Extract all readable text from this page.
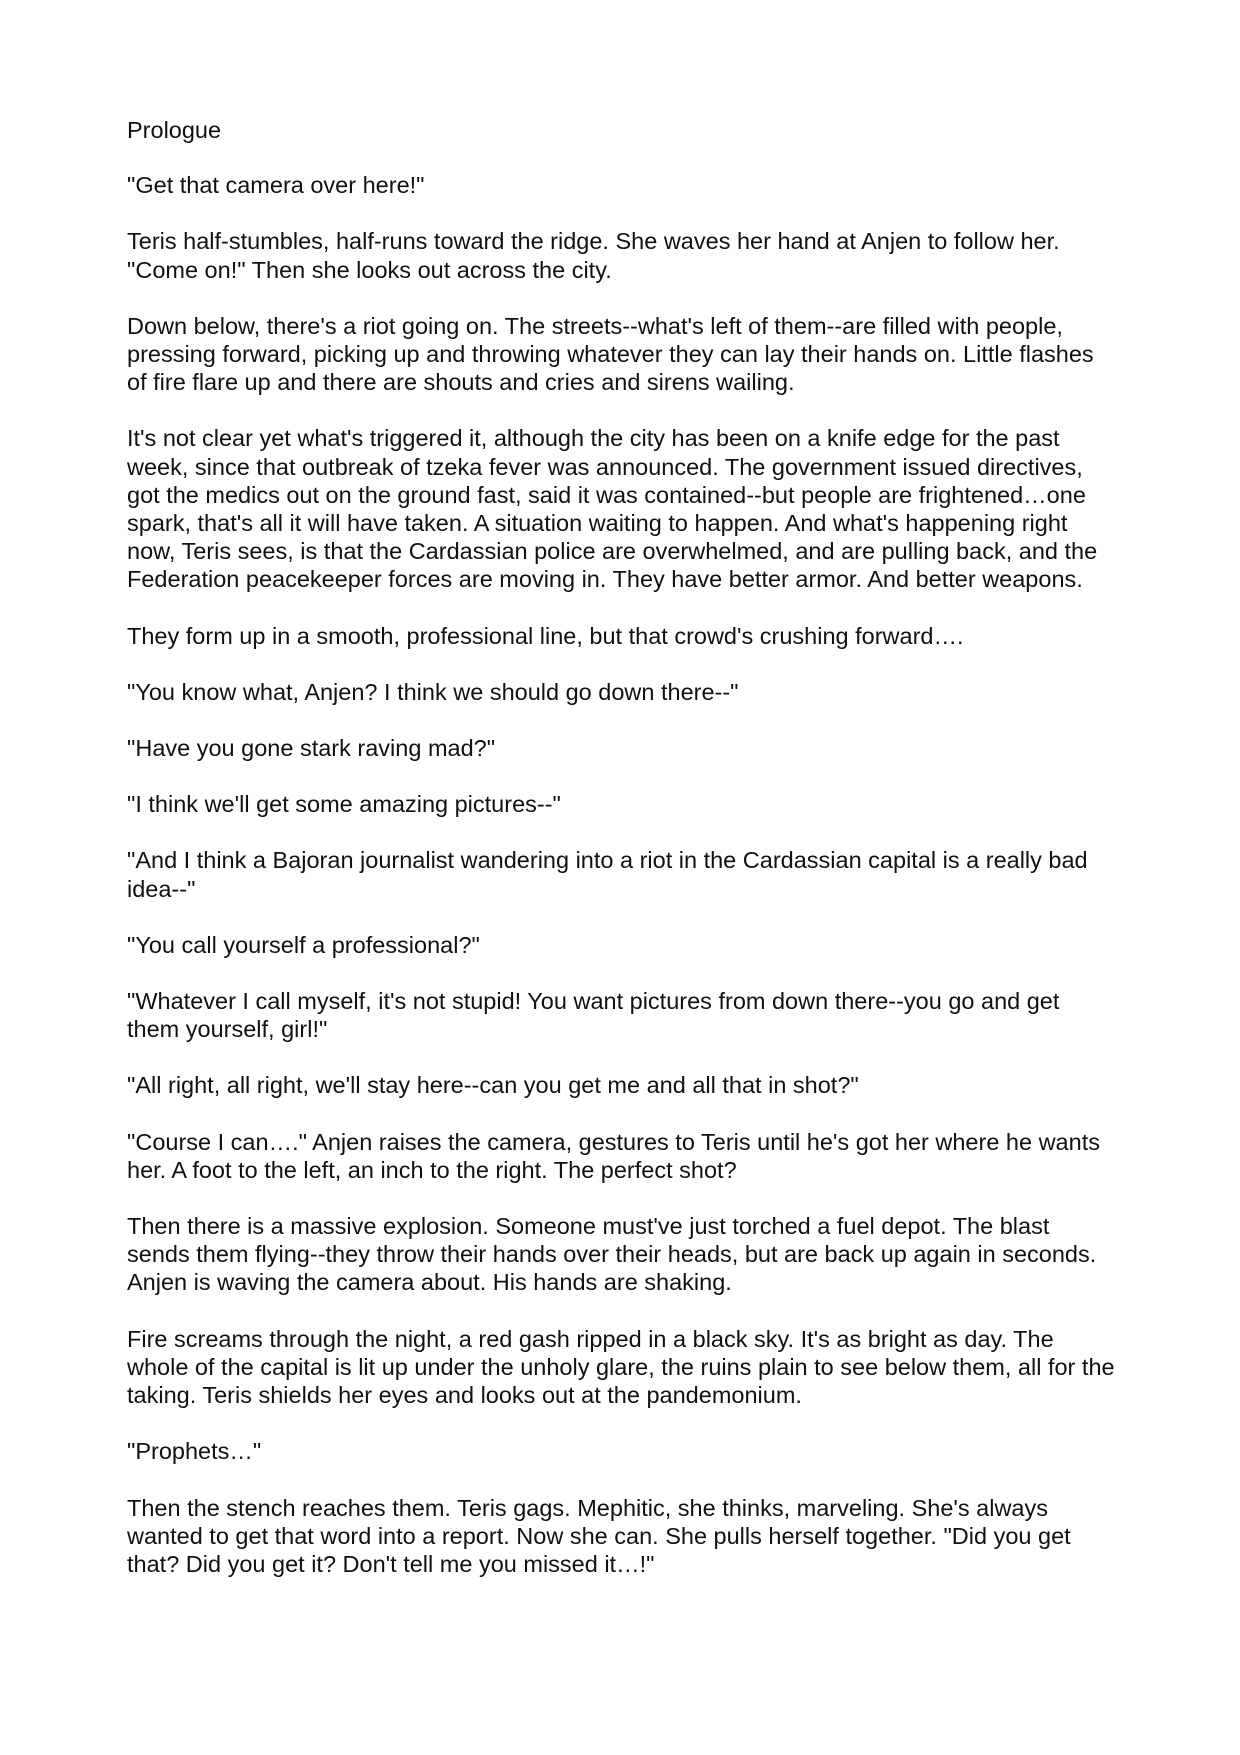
Prologue

"Get that camera over here!"

Teris half-stumbles, half-runs toward the ridge. She waves her hand at Anjen to follow her. "Come on!" Then she looks out across the city.

Down below, there's a riot going on. The streets--what's left of them--are filled with people, pressing forward, picking up and throwing whatever they can lay their hands on. Little flashes of fire flare up and there are shouts and cries and sirens wailing.

It's not clear yet what's triggered it, although the city has been on a knife edge for the past week, since that outbreak of tzeka fever was announced. The government issued directives, got the medics out on the ground fast, said it was contained--but people are frightened…one spark, that's all it will have taken. A situation waiting to happen. And what's happening right now, Teris sees, is that the Cardassian police are overwhelmed, and are pulling back, and the Federation peacekeeper forces are moving in. They have better armor. And better weapons.

They form up in a smooth, professional line, but that crowd's crushing forward….

"You know what, Anjen? I think we should go down there--"

"Have you gone stark raving mad?"

"I think we'll get some amazing pictures--"

"And I think a Bajoran journalist wandering into a riot in the Cardassian capital is a really bad idea--"

"You call yourself a professional?"

"Whatever I call myself, it's not stupid! You want pictures from down there--you go and get them yourself, girl!"

"All right, all right, we'll stay here--can you get me and all that in shot?"

"Course I can…." Anjen raises the camera, gestures to Teris until he's got her where he wants her. A foot to the left, an inch to the right. The perfect shot?

Then there is a massive explosion. Someone must've just torched a fuel depot. The blast sends them flying--they throw their hands over their heads, but are back up again in seconds. Anjen is waving the camera about. His hands are shaking.

Fire screams through the night, a red gash ripped in a black sky. It's as bright as day. The whole of the capital is lit up under the unholy glare, the ruins plain to see below them, all for the taking. Teris shields her eyes and looks out at the pandemonium.

"Prophets…"

Then the stench reaches them. Teris gags. Mephitic, she thinks, marveling. She's always wanted to get that word into a report. Now she can. She pulls herself together. "Did you get that? Did you get it? Don't tell me you missed it…!"
